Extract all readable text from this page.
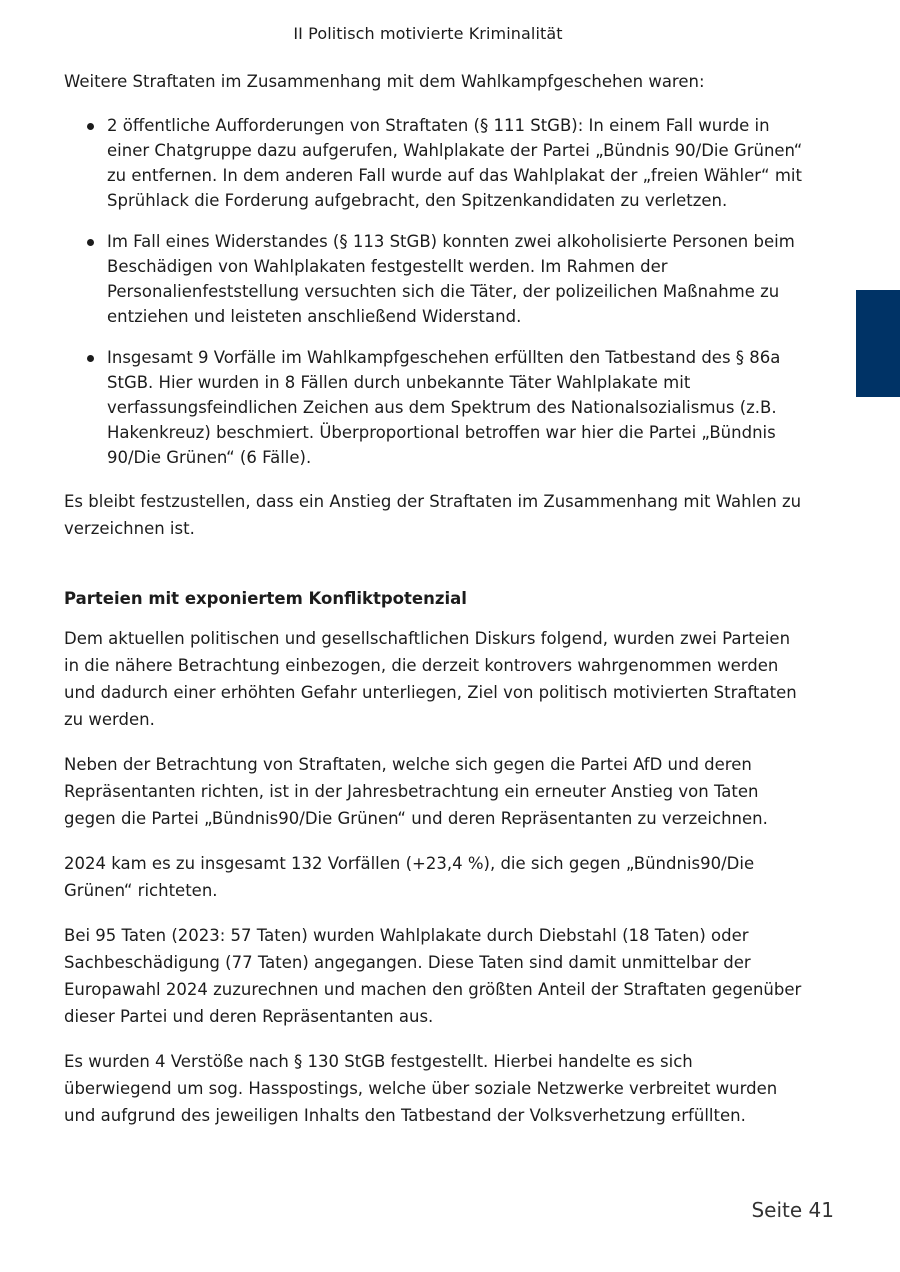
II Politisch motivierte Kriminalität

Weitere Straftaten im Zusammenhang mit dem Wahlkampfgeschehen waren:

2 öffentliche Aufforderungen von Straftaten (§ 111 StGB): In einem Fall wurde in einer Chatgruppe dazu aufgerufen, Wahlplakate der Partei „Bündnis 90/Die Grünen“ zu entfernen. In dem anderen Fall wurde auf das Wahlplakat der „freien Wähler“ mit Sprühlack die Forderung aufgebracht, den Spitzenkandidaten zu verletzen.
Im Fall eines Widerstandes (§ 113 StGB) konnten zwei alkoholisierte Personen beim Beschädigen von Wahlplakaten festgestellt werden. Im Rahmen der Personalienfeststellung versuchten sich die Täter, der polizeilichen Maßnahme zu entziehen und leisteten anschließend Widerstand.
Insgesamt 9 Vorfälle im Wahlkampfgeschehen erfüllten den Tatbestand des § 86a StGB. Hier wurden in 8 Fällen durch unbekannte Täter Wahlplakate mit verfassungsfeindlichen Zeichen aus dem Spektrum des Nationalsozialismus (z.B. Hakenkreuz) beschmiert. Überproportional betroffen war hier die Partei „Bündnis 90/Die Grünen“ (6 Fälle).

Es bleibt festzustellen, dass ein Anstieg der Straftaten im Zusammenhang mit Wahlen zu verzeichnen ist.

Parteien mit exponiertem Konfliktpotenzial

Dem aktuellen politischen und gesellschaftlichen Diskurs folgend, wurden zwei Parteien in die nähere Betrachtung einbezogen, die derzeit kontrovers wahrgenommen werden und dadurch einer erhöhten Gefahr unterliegen, Ziel von politisch motivierten Straftaten zu werden.

Neben der Betrachtung von Straftaten, welche sich gegen die Partei AfD und deren Repräsentanten richten, ist in der Jahresbetrachtung ein erneuter Anstieg von Taten gegen die Partei „Bündnis90/Die Grünen“ und deren Repräsentanten zu verzeichnen.

2024 kam es zu insgesamt 132 Vorfällen (+23,4 %), die sich gegen „Bündnis90/Die Grünen“ richteten.

Bei 95 Taten (2023: 57 Taten) wurden Wahlplakate durch Diebstahl (18 Taten) oder Sachbeschädigung (77 Taten) angegangen. Diese Taten sind damit unmittelbar der Europawahl 2024 zuzurechnen und machen den größten Anteil der Straftaten gegenüber dieser Partei und deren Repräsentanten aus.

Es wurden 4 Verstöße nach § 130 StGB festgestellt. Hierbei handelte es sich überwiegend um sog. Hasspostings, welche über soziale Netzwerke verbreitet wurden und aufgrund des jeweiligen Inhalts den Tatbestand der Volksverhetzung erfüllten.

Seite 41
